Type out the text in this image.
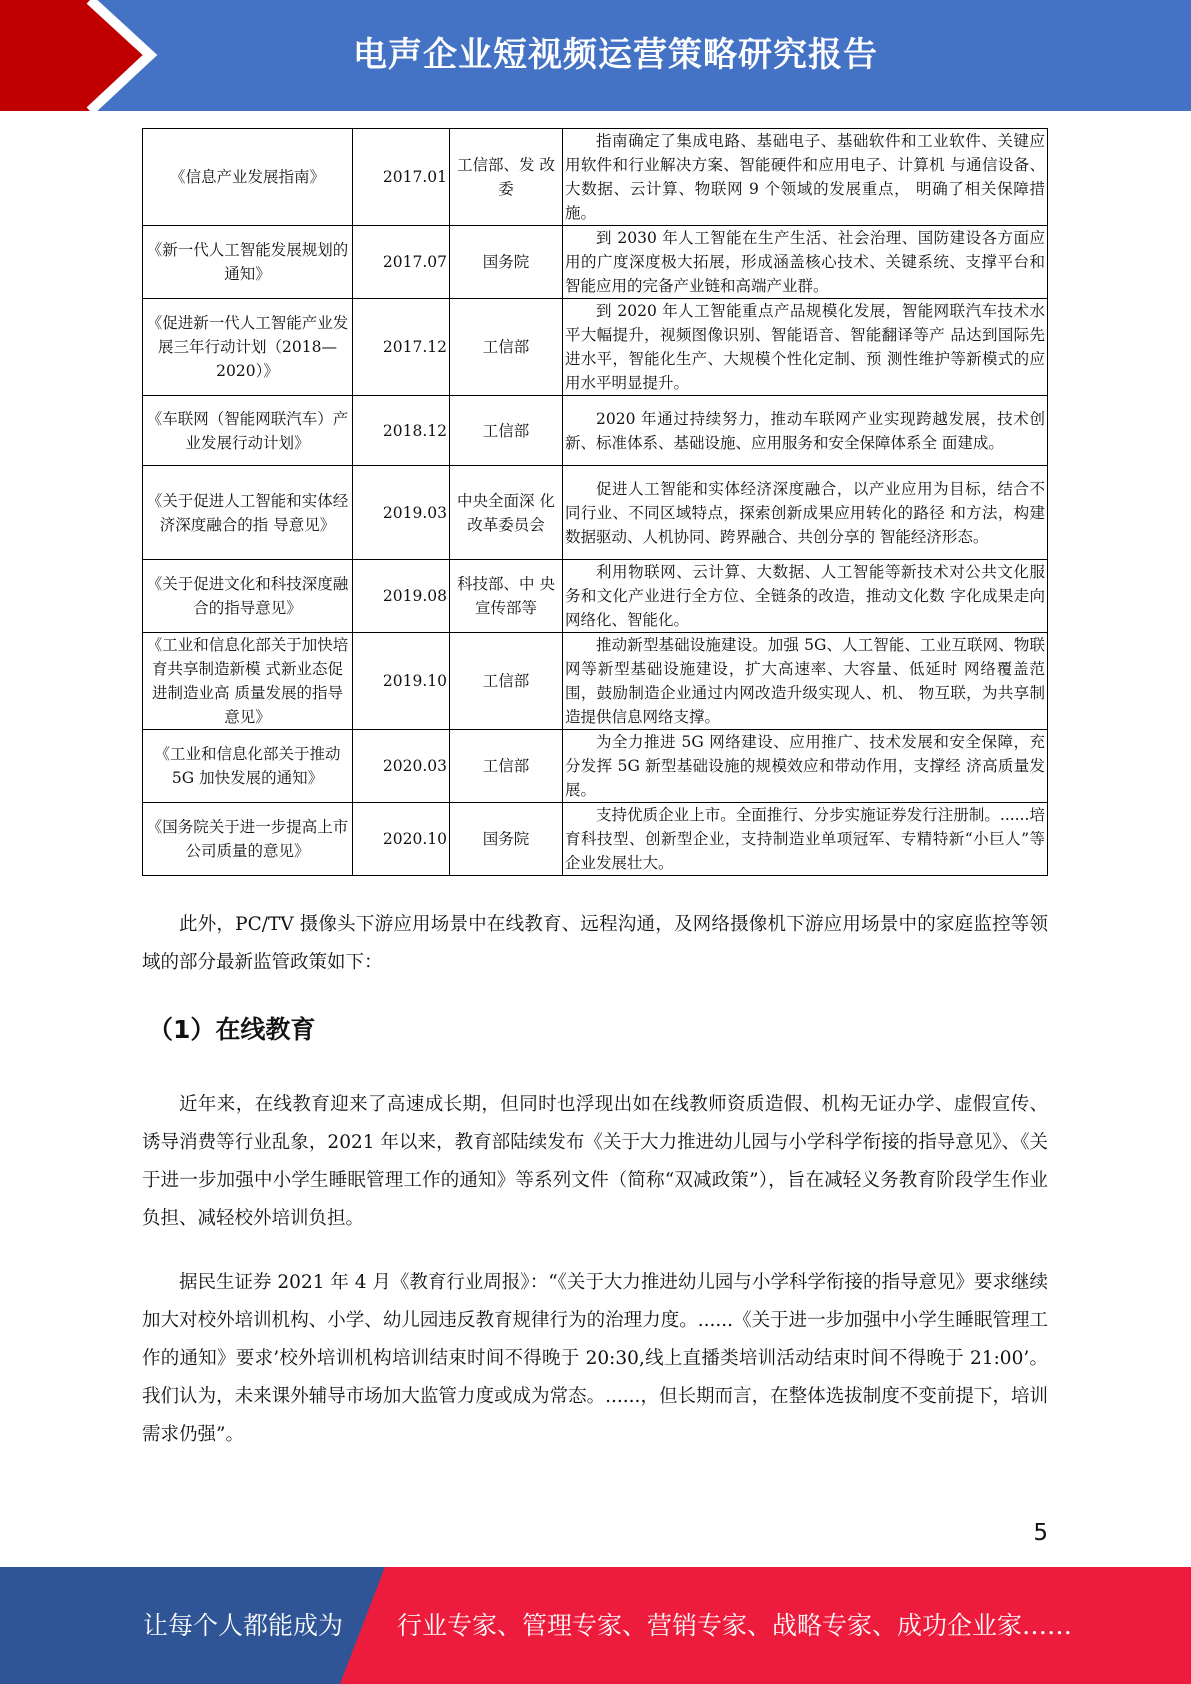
电声企业短视频运营策略研究报告
《信息产业发展指南》	2017.01	工信部、发 改委	指南确定了集成电路、基础电子、基础软件和工业软件、关键应用软件和行业解决方案、智能硬件和应用电子、计算机 与通信设备、大数据、云计算、物联网 9 个领域的发展重点， 明确了相关保障措施。
《新一代人工智能发展规划的通知》	2017.07	国务院	到 2030 年人工智能在生产生活、社会治理、国防建设各方面应用的广度深度极大拓展，形成涵盖核心技术、关键系统、支撑平台和智能应用的完备产业链和高端产业群。
《促进新一代人工智能产业发展三年行动计划（2018—2020）》	2017.12	工信部	到 2020 年人工智能重点产品规模化发展，智能网联汽车技术水平大幅提升，视频图像识别、智能语音、智能翻译等产 品达到国际先进水平，智能化生产、大规模个性化定制、预 测性维护等新模式的应用水平明显提升。
《车联网（智能网联汽车）产业发展行动计划》	2018.12	工信部	2020 年通过持续努力，推动车联网产业实现跨越发展，技术创新、标准体系、基础设施、应用服务和安全保障体系全 面建成。
《关于促进人工智能和实体经济深度融合的指 导意见》	2019.03	中央全面深 化改革委员会	促进人工智能和实体经济深度融合，以产业应用为目标，结合不同行业、不同区域特点，探索创新成果应用转化的路径 和方法，构建数据驱动、人机协同、跨界融合、共创分享的 智能经济形态。
《关于促进文化和科技深度融合的指导意见》	2019.08	科技部、中 央宣传部等	利用物联网、云计算、大数据、人工智能等新技术对公共文化服务和文化产业进行全方位、全链条的改造，推动文化数 字化成果走向网络化、智能化。
《工业和信息化部关于加快培育共享制造新模 式新业态促进制造业高 质量发展的指导意见》	2019.10	工信部	推动新型基础设施建设。加强 5G、人工智能、工业互联网、物联网等新型基础设施建设，扩大高速率、大容量、低延时 网络覆盖范围，鼓励制造企业通过内网改造升级实现人、机、 物互联，为共享制造提供信息网络支撑。
《工业和信息化部关于推动 5G 加快发展的通知》	2020.03	工信部	为全力推进 5G 网络建设、应用推广、技术发展和安全保障，充分发挥 5G 新型基础设施的规模效应和带动作用，支撑经 济高质量发展。
《国务院关于进一步提高上市公司质量的意见》	2020.10	国务院	支持优质企业上市。全面推行、分步实施证券发行注册制。......培育科技型、创新型企业，支持制造业单项冠军、专精特新“小巨人”等企业发展壮大。
此外，PC/TV 摄像头下游应用场景中在线教育、远程沟通，及网络摄像机下游应用场景中的家庭监控等领域的部分最新监管政策如下：
（1）在线教育
近年来，在线教育迎来了高速成长期，但同时也浮现出如在线教师资质造假、机构无证办学、虚假宣传、诱导消费等行业乱象，2021 年以来，教育部陆续发布《关于大力推进幼儿园与小学科学衔接的指导意见》、《关于进一步加强中小学生睡眠管理工作的通知》等系列文件（简称“双减政策”），旨在减轻义务教育阶段学生作业负担、减轻校外培训负担。
据民生证券 2021 年 4 月《教育行业周报》：“《关于大力推进幼儿园与小学科学衔接的指导意见》要求继续加大对校外培训机构、小学、幼儿园违反教育规律行为的治理力度。......《关于进一步加强中小学生睡眠管理工作的通知》要求’校外培训机构培训结束时间不得晚于 20:30,线上直播类培训活动结束时间不得晚于 21:00’。我们认为，未来课外辅导市场加大监管力度或成为常态。......，但长期而言，在整体选拔制度不变前提下，培训需求仍强”。
5
让每个人都能成为 行业专家、管理专家、营销专家、战略专家、成功企业家……
